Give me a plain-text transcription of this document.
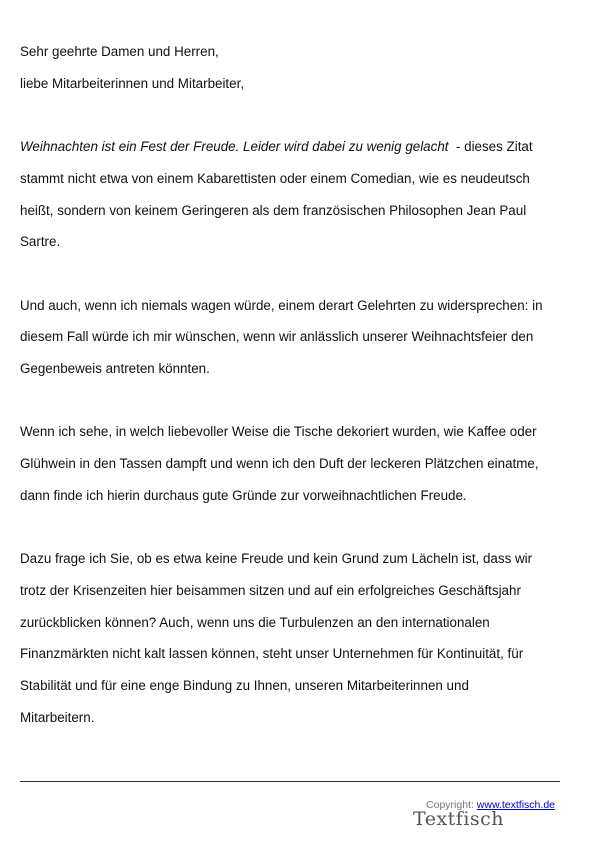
Sehr geehrte Damen und Herren,

liebe Mitarbeiterinnen und Mitarbeiter,

Weihnachten ist ein Fest der Freude. Leider wird dabei zu wenig gelacht  - dieses Zitat

stammt nicht etwa von einem Kabarettisten oder einem Comedian, wie es neudeutsch

heißt, sondern von keinem Geringeren als dem französischen Philosophen Jean Paul

Sartre.

Und auch, wenn ich niemals wagen würde, einem derart Gelehrten zu widersprechen: in

diesem Fall würde ich mir wünschen, wenn wir anlässlich unserer Weihnachtsfeier den

Gegenbeweis antreten könnten.

Wenn ich sehe, in welch liebevoller Weise die Tische dekoriert wurden, wie Kaffee oder

Glühwein in den Tassen dampft und wenn ich den Duft der leckeren Plätzchen einatme,

dann finde ich hierin durchaus gute Gründe zur vorweihnachtlichen Freude.

Dazu frage ich Sie, ob es etwa keine Freude und kein Grund zum Lächeln ist, dass wir

trotz der Krisenzeiten hier beisammen sitzen und auf ein erfolgreiches Geschäftsjahr

zurückblicken können? Auch, wenn uns die Turbulenzen an den internationalen

Finanzmärkten nicht kalt lassen können, steht unser Unternehmen für Kontinuität, für

Stabilität und für eine enge Bindung zu Ihnen, unseren Mitarbeiterinnen und

Mitarbeitern.

Copyright: www.textfisch.de
Textfisch
